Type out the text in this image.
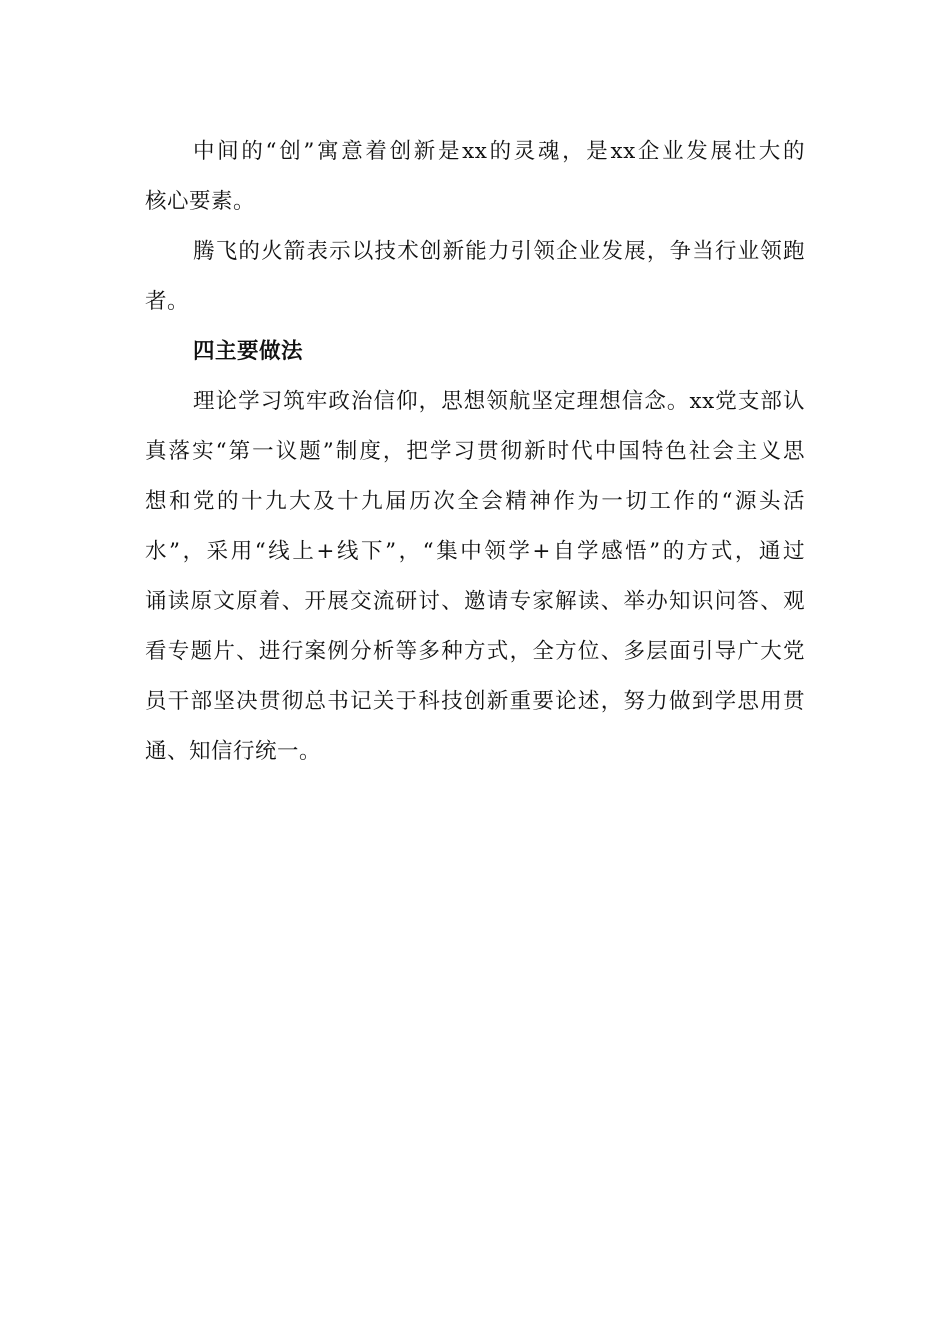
中间的“创”寓意着创新是xx的灵魂，是xx企业发展壮大的
核心要素。
腾飞的火箭表示以技术创新能力引领企业发展，争当行业领跑
者。
四主要做法
理论学习筑牢政治信仰，思想领航坚定理想信念。xx党支部认
真落实“第一议题”制度，把学习贯彻新时代中国特色社会主义思
想和党的十九大及十九届历次全会精神作为一切工作的“源头活
水”，采用“线上+线下”，“集中领学+自学感悟”的方式，通过
诵读原文原着、开展交流研讨、邀请专家解读、举办知识问答、观
看专题片、进行案例分析等多种方式，全方位、多层面引导广大党
员干部坚决贯彻总书记关于科技创新重要论述，努力做到学思用贯
通、知信行统一。
